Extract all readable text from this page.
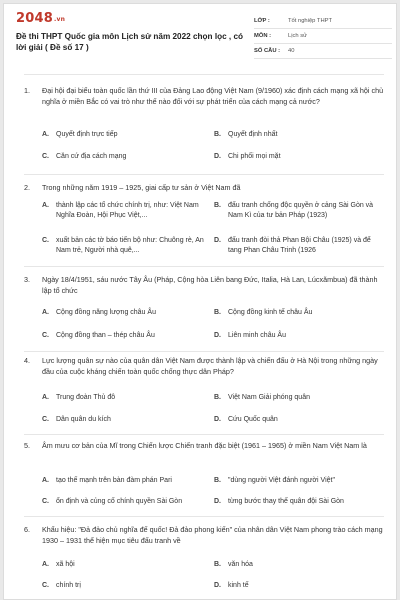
2048.vn
Đề thi THPT Quốc gia môn Lịch sử năm 2022 chọn lọc , có lời giải ( Đề số 17 )
LỚP :	Tốt nghiệp THPT
MÔN :	Lịch sử
SỐ CÂU :	40
1.	Đại hội đại biểu toàn quốc lần thứ III của Đảng Lao động Việt Nam (9/1960) xác định cách mạng xã hội chủ nghĩa ở miền Bắc có vai trò như thế nào đối với sự phát triển của cách mạng cả nước?
A. Quyết định trực tiếp	B. Quyết định nhất
C. Căn cứ địa cách mạng	D. Chi phối mọi mặt
2.	Trong những năm 1919 – 1925, giai cấp tư sản ở Việt Nam đã
A. thành lập các tổ chức chính trị, như: Việt Nam Nghĩa Đoàn, Hội Phục Việt,...
B. đấu tranh chống độc quyền ở cảng Sài Gòn và Nam Kì của tư bản Pháp (1923)
C. xuất bản các tờ báo tiến bộ như: Chuông rè, An Nam trẻ, Người nhà quê,...
D. đấu tranh đòi thả Phan Bội Châu (1925) và để tang Phan Châu Trinh (1926
3.	Ngày 18/4/1951, sáu nước Tây Âu (Pháp, Cộng hòa Liên bang Đức, Italia, Hà Lan, Lúcxămbua) đã thành lập tổ chức
A. Cộng đồng năng lượng châu Âu	B. Cộng đồng kinh tế châu Âu
C. Cộng đồng than – thép châu Âu	D. Liên minh châu Âu
4.	Lực lượng quân sự nào của quân dân Việt Nam được thành lập và chiến đấu ở Hà Nội trong những ngày đầu của cuộc kháng chiến toàn quốc chống thực dân Pháp?
A. Trung đoàn Thủ đô	B. Việt Nam Giải phóng quân
C. Dân quân du kích	D. Cứu Quốc quân
5.	Âm mưu cơ bản của Mĩ trong Chiến lược Chiến tranh đặc biệt (1961 – 1965) ở miền Nam Việt Nam là
A. tạo thế mạnh trên bàn đàm phán Pari	B. "dùng người Việt đánh người Việt"
C. ổn định và củng cố chính quyền Sài Gòn	D. từng bước thay thế quân đội Sài Gòn
6.	Khẩu hiệu: "Đả đảo chủ nghĩa đế quốc! Đả đảo phong kiến" của nhân dân Việt Nam phong trào cách mạng 1930 – 1931 thể hiện mục tiêu đấu tranh về
A. xã hội	B. văn hóa
C. chính trị	D. kinh tế
